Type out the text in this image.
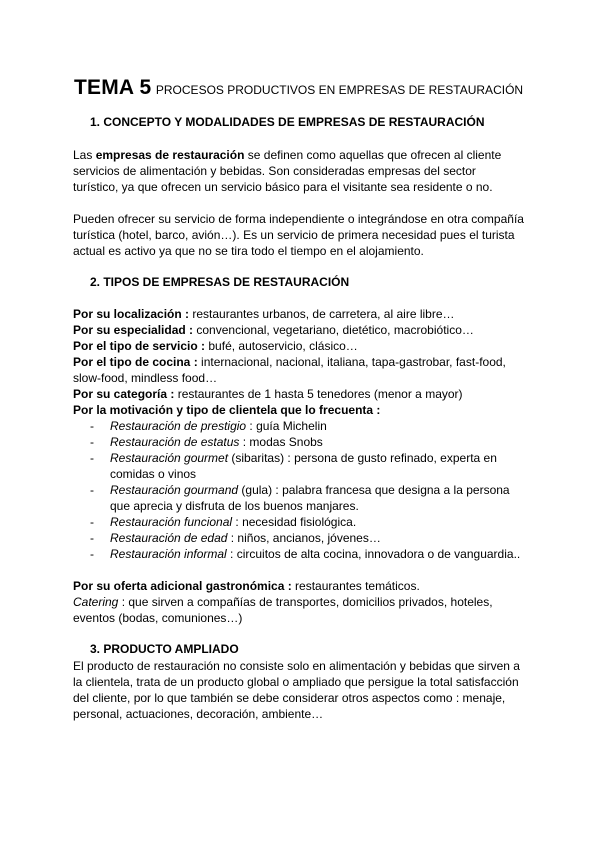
TEMA 5 PROCESOS PRODUCTIVOS EN EMPRESAS DE RESTAURACIÓN
1. CONCEPTO Y MODALIDADES DE EMPRESAS DE RESTAURACIÓN
Las empresas de restauración se definen como aquellas que ofrecen al cliente
servicios de alimentación y bebidas. Son consideradas empresas del sector
turístico, ya que ofrecen un servicio básico para el visitante sea residente o no.
Pueden ofrecer su servicio de forma independiente o integrándose en otra compañía
turística (hotel, barco, avión…). Es un servicio de primera necesidad pues el turista
actual es activo ya que no se tira todo el tiempo en el alojamiento.
2. TIPOS DE EMPRESAS DE RESTAURACIÓN
Por su localización : restaurantes urbanos, de carretera, al aire libre…
Por su especialidad : convencional, vegetariano, dietético, macrobiótico…
Por el tipo de servicio : bufé, autoservicio, clásico…
Por el tipo de cocina : internacional, nacional, italiana, tapa-gastrobar, fast-food,
slow-food, mindless food…
Por su categoría : restaurantes de 1 hasta 5 tenedores (menor a mayor)
Por la motivación y tipo de clientela que lo frecuenta :
- Restauración de prestigio : guía Michelin
- Restauración de estatus : modas Snobs
- Restauración gourmet (sibaritas) : persona de gusto refinado, experta en
comidas o vinos
- Restauración gourmand (gula) : palabra francesa que designa a la persona
que aprecia y disfruta de los buenos manjares.
- Restauración funcional : necesidad fisiológica.
- Restauración de edad : niños, ancianos, jóvenes…
- Restauración informal : circuitos de alta cocina, innovadora o de vanguardia..
Por su oferta adicional gastronómica : restaurantes temáticos.
Catering : que sirven a compañías de transportes, domicilios privados, hoteles,
eventos (bodas, comuniones…)
3. PRODUCTO AMPLIADO
El producto de restauración no consiste solo en alimentación y bebidas que sirven a
la clientela, trata de un producto global o ampliado que persigue la total satisfacción
del cliente, por lo que también se debe considerar otros aspectos como : menaje,
personal, actuaciones, decoración, ambiente…
